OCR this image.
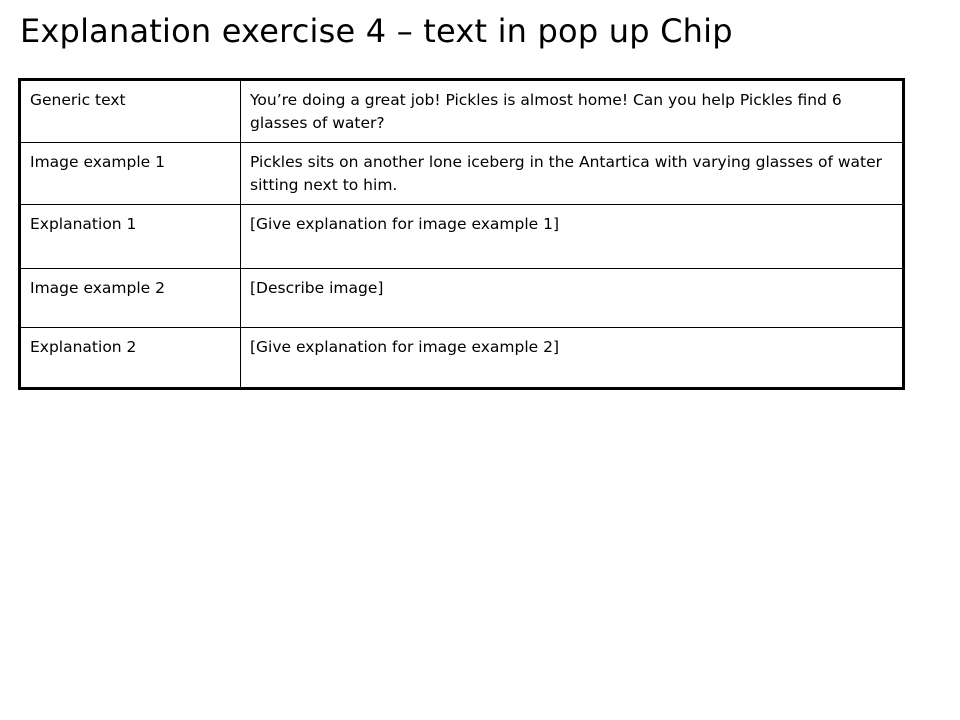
Explanation exercise 4 – text in pop up Chip
Generic text	You’re doing a great job! Pickles is almost home! Can you help Pickles find 6 glasses of water?
Image example 1	Pickles sits on another lone iceberg in the Antartica with varying glasses of water sitting next to him.
Explanation 1	[Give explanation for image example 1]
Image example 2	[Describe image]
Explanation 2	[Give explanation for image example 2]
